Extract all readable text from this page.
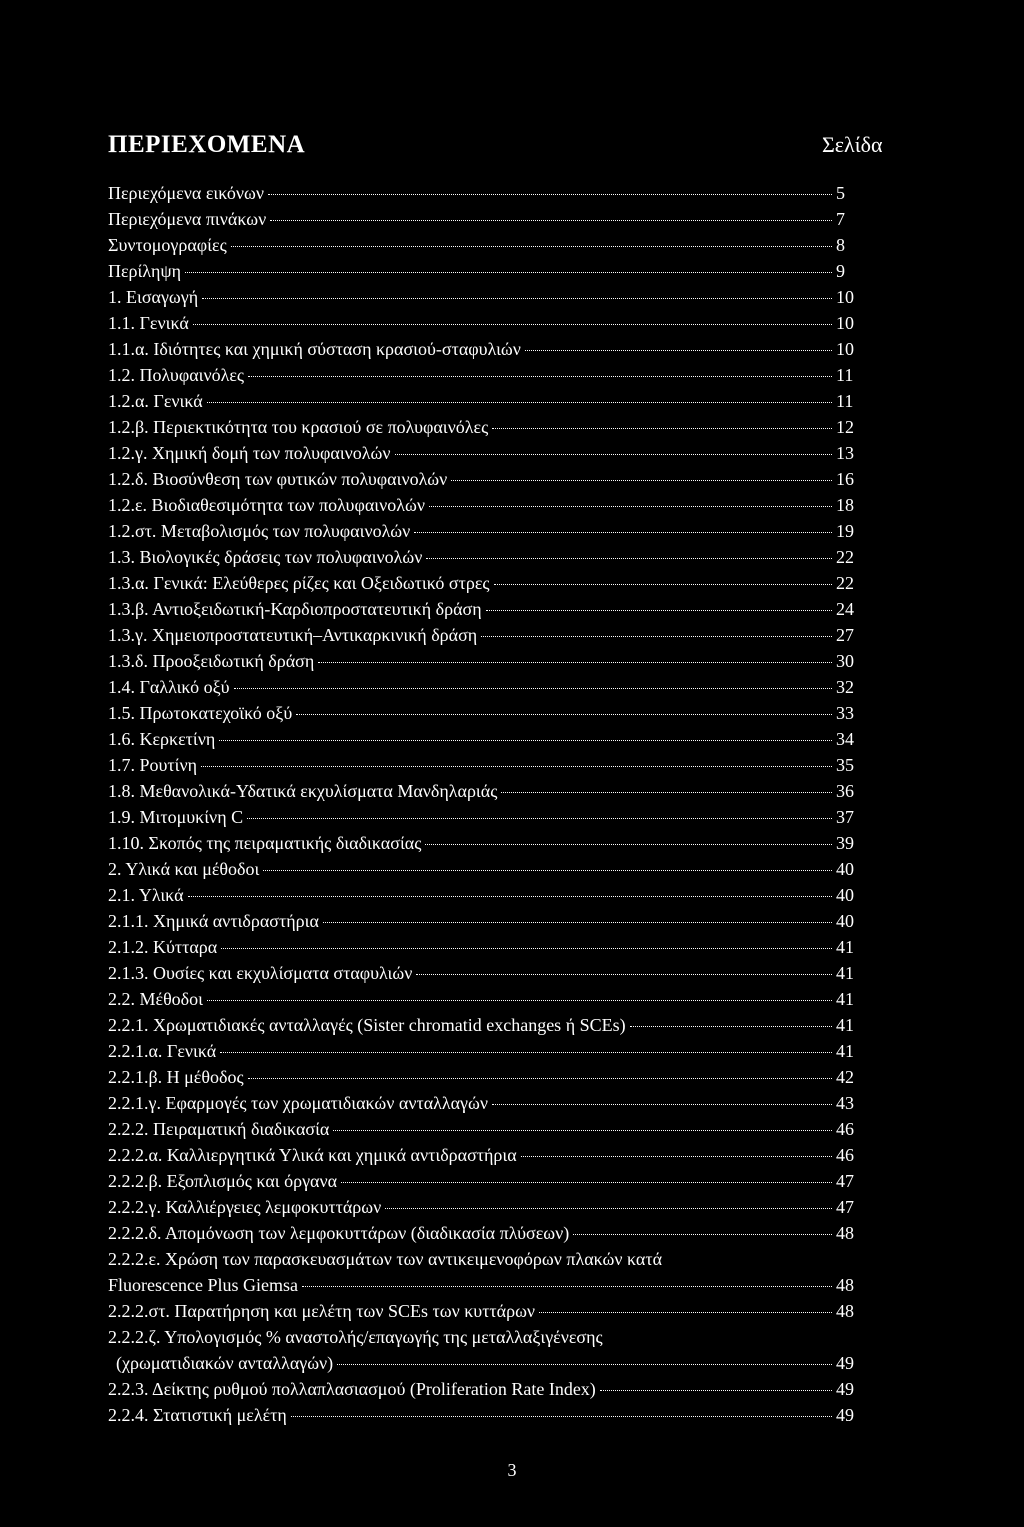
ΠΕΡΙΕΧΟΜΕΝΑ	Σελίδα
Περιεχόμενα εικόνων	5
Περιεχόμενα πινάκων	7
Συντομογραφίες	8
Περίληψη	9
1. Εισαγωγή	10
1.1. Γενικά	10
1.1.α. Ιδιότητες και χημική σύσταση κρασιού-σταφυλιών	10
1.2. Πολυφαινόλες	11
1.2.α. Γενικά	11
1.2.β. Περιεκτικότητα του κρασιού σε πολυφαινόλες	12
1.2.γ. Χημική δομή των πολυφαινολών	13
1.2.δ. Βιοσύνθεση των φυτικών πολυφαινολών	16
1.2.ε. Βιοδιαθεσιμότητα των πολυφαινολών	18
1.2.στ. Μεταβολισμός των πολυφαινολών	19
1.3. Βιολογικές δράσεις των πολυφαινολών	22
1.3.α. Γενικά: Ελεύθερες ρίζες και Οξειδωτικό στρες	22
1.3.β. Αντιοξειδωτική-Καρδιοπροστατευτική δράση	24
1.3.γ. Χημειοπροστατευτική–Αντικαρκινική δράση	27
1.3.δ. Προοξειδωτική δράση	30
1.4. Γαλλικό οξύ	32
1.5. Πρωτοκατεχοϊκό οξύ	33
1.6. Κερκετίνη	34
1.7. Ρουτίνη	35
1.8. Μεθανολικά-Υδατικά εκχυλίσματα Μανδηλαριάς	36
1.9. Μιτομυκίνη C	37
1.10. Σκοπός της πειραματικής διαδικασίας	39
2. Υλικά και μέθοδοι	40
2.1. Υλικά	40
2.1.1. Χημικά αντιδραστήρια	40
2.1.2. Κύτταρα	41
2.1.3. Ουσίες και εκχυλίσματα σταφυλιών	41
2.2. Μέθοδοι	41
2.2.1. Χρωματιδιακές ανταλλαγές (Sister chromatid exchanges ή SCEs)	41
2.2.1.α. Γενικά	41
2.2.1.β. Η μέθοδος	42
2.2.1.γ. Εφαρμογές των χρωματιδιακών ανταλλαγών	43
2.2.2. Πειραματική διαδικασία	46
2.2.2.α. Καλλιεργητικά Υλικά και χημικά αντιδραστήρια	46
2.2.2.β. Εξοπλισμός και όργανα	47
2.2.2.γ. Καλλιέργειες λεμφοκυττάρων	47
2.2.2.δ. Απομόνωση των λεμφοκυττάρων (διαδικασία πλύσεων)	48
2.2.2.ε. Χρώση των παρασκευασμάτων των αντικειμενοφόρων πλακών κατά
Fluorescence Plus Giemsa	48
2.2.2.στ. Παρατήρηση και μελέτη των SCEs των κυττάρων	48
2.2.2.ζ. Υπολογισμός % αναστολής/επαγωγής της μεταλλαξιγένεσης
(χρωματιδιακών ανταλλαγών)	49
2.2.3. Δείκτης ρυθμού πολλαπλασιασμού (Proliferation Rate Index)	49
2.2.4. Στατιστική μελέτη	49
3
